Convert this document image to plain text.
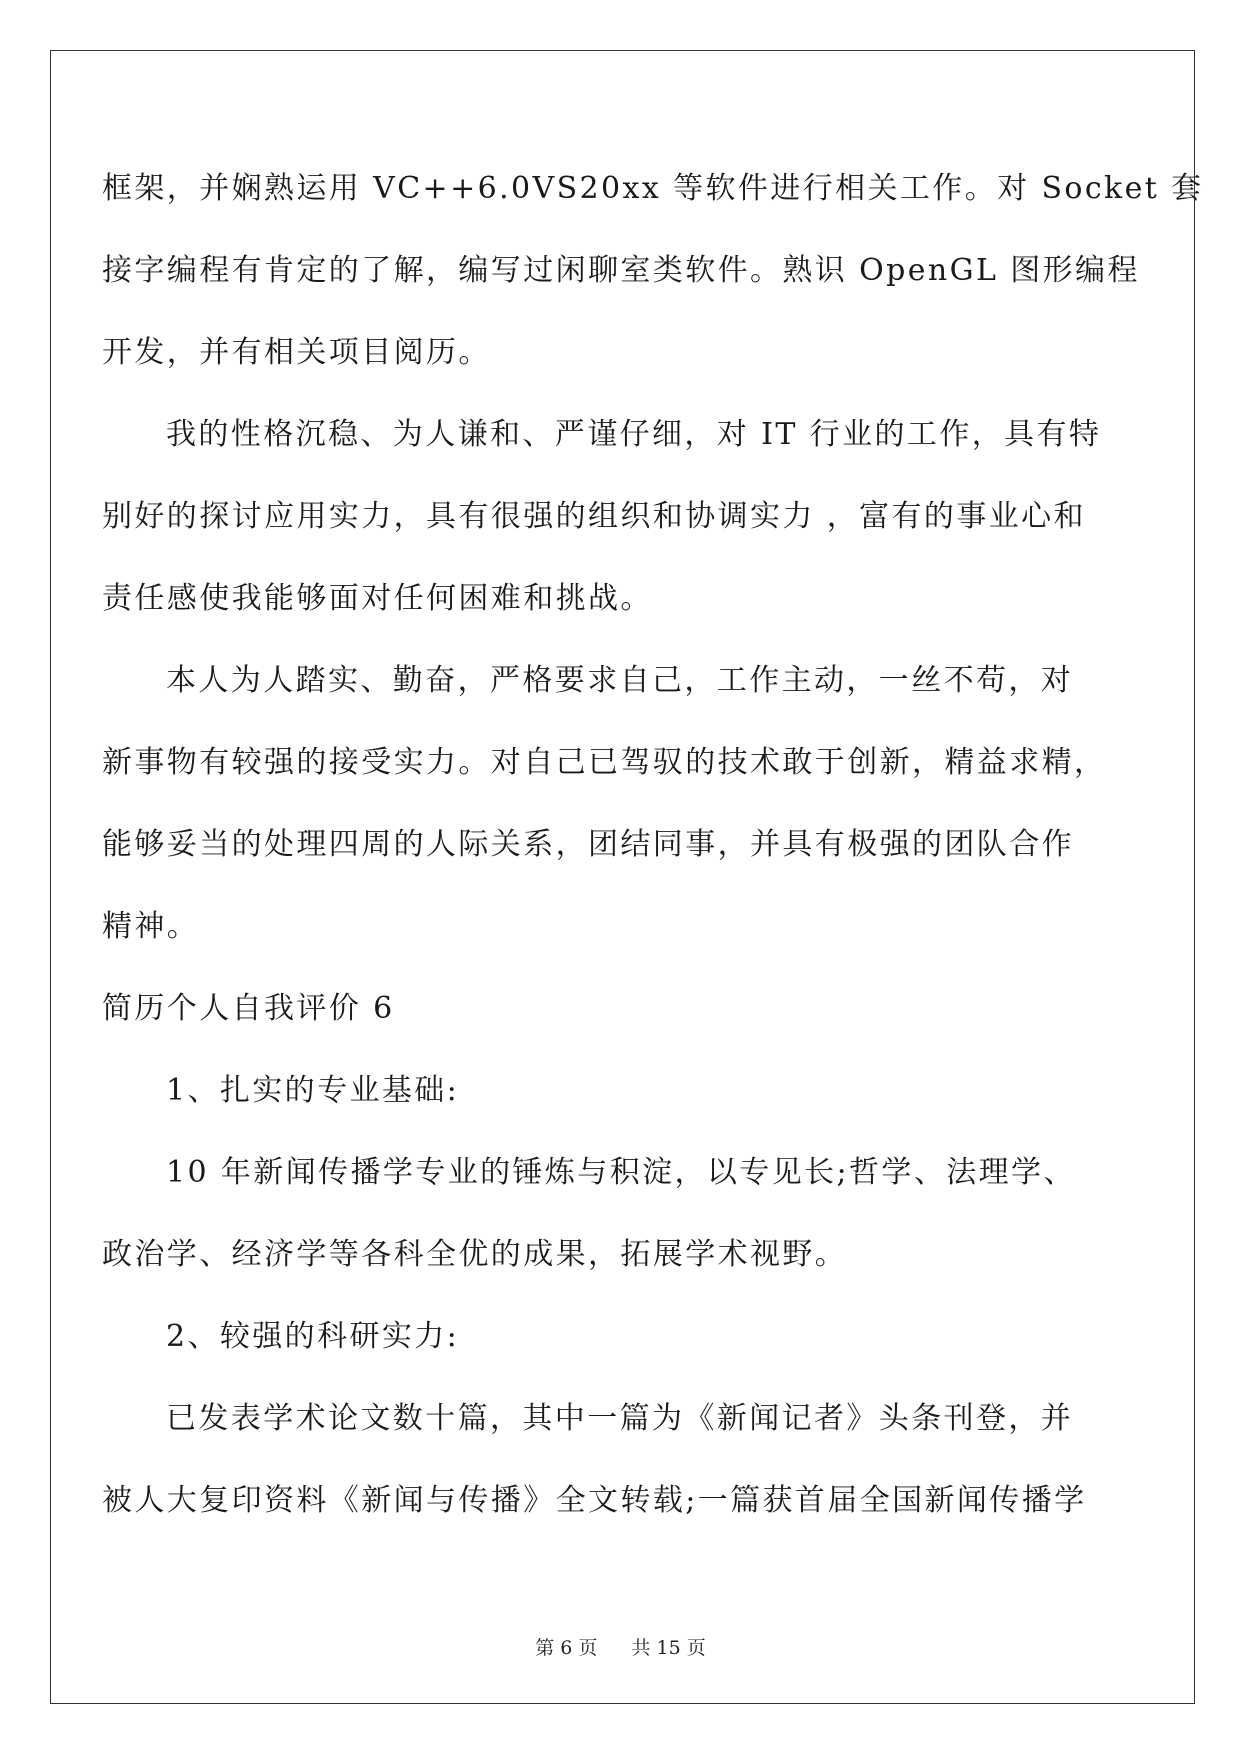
框架，并娴熟运用 VC++6.0VS20xx 等软件进行相关工作。对 Socket 套
接字编程有肯定的了解，编写过闲聊室类软件。熟识 OpenGL 图形编程
开发，并有相关项目阅历。
我的性格沉稳、为人谦和、严谨仔细，对 IT 行业的工作，具有特
别好的探讨应用实力，具有很强的组织和协调实力 ，富有的事业心和
责任感使我能够面对任何困难和挑战。
本人为人踏实、勤奋，严格要求自己，工作主动，一丝不苟，对
新事物有较强的接受实力。对自己已驾驭的技术敢于创新，精益求精，
能够妥当的处理四周的人际关系，团结同事，并具有极强的团队合作
精神。
简历个人自我评价 6
1、扎实的专业基础:
10 年新闻传播学专业的锤炼与积淀，以专见长;哲学、法理学、
政治学、经济学等各科全优的成果，拓展学术视野。
2、较强的科研实力:
已发表学术论文数十篇，其中一篇为《新闻记者》头条刊登，并
被人大复印资料《新闻与传播》全文转载;一篇获首届全国新闻传播学
第 6 页 共 15 页
